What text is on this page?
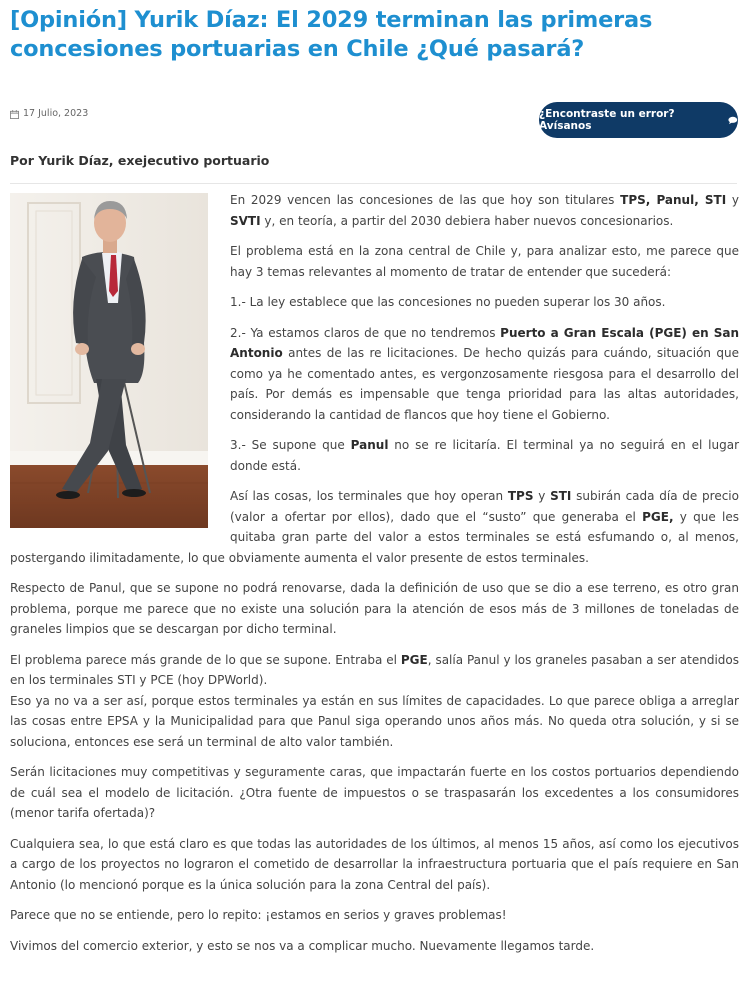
[Opinión] Yurik Díaz: El 2029 terminan las primeras concesiones portuarias en Chile ¿Qué pasará?
17 Julio, 2023	¿Encontraste un error? Avísanos
Por Yurik Díaz, exejecutivo portuario

En 2029 vencen las concesiones de las que hoy son titulares TPS, Panul, STI y SVTI y, en teoría, a partir del 2030 debiera haber nuevos concesionarios.

El problema está en la zona central de Chile y, para analizar esto, me parece que hay 3 temas relevantes al momento de tratar de entender que sucederá:

1.- La ley establece que las concesiones no pueden superar los 30 años.

2.- Ya estamos claros de que no tendremos Puerto a Gran Escala (PGE) en San Antonio antes de las re licitaciones. De hecho quizás para cuándo, situación que como ya he comentado antes, es vergonzosamente riesgosa para el desarrollo del país. Por demás es impensable que tenga prioridad para las altas autoridades, considerando la cantidad de flancos que hoy tiene el Gobierno.

3.- Se supone que Panul no se re licitaría. El terminal ya no seguirá en el lugar donde está.

Así las cosas, los terminales que hoy operan TPS y STI subirán cada día de precio (valor a ofertar por ellos), dado que el “susto” que generaba el PGE, y que les quitaba gran parte del valor a estos terminales se está esfumando o, al menos, postergando ilimitadamente, lo que obviamente aumenta el valor presente de estos terminales.

Respecto de Panul, que se supone no podrá renovarse, dada la definición de uso que se dio a ese terreno, es otro gran problema, porque me parece que no existe una solución para la atención de esos más de 3 millones de toneladas de graneles limpios que se descargan por dicho terminal.

El problema parece más grande de lo que se supone. Entraba el PGE, salía Panul y los graneles pasaban a ser atendidos en los terminales STI y PCE (hoy DPWorld).

Eso ya no va a ser así, porque estos terminales ya están en sus límites de capacidades. Lo que parece obliga a arreglar las cosas entre EPSA y la Municipalidad para que Panul siga operando unos años más. No queda otra solución, y si se soluciona, entonces ese será un terminal de alto valor también.

Serán licitaciones muy competitivas y seguramente caras, que impactarán fuerte en los costos portuarios dependiendo de cuál sea el modelo de licitación. ¿Otra fuente de impuestos o se traspasarán los excedentes a los consumidores (menor tarifa ofertada)?

Cualquiera sea, lo que está claro es que todas las autoridades de los últimos, al menos 15 años, así como los ejecutivos a cargo de los proyectos no lograron el cometido de desarrollar la infraestructura portuaria que el país requiere en San Antonio (lo mencionó porque es la única solución para la zona Central del país).

Parece que no se entiende, pero lo repito: ¡estamos en serios y graves problemas!

Vivimos del comercio exterior, y esto se nos va a complicar mucho. Nuevamente llegamos tarde.
